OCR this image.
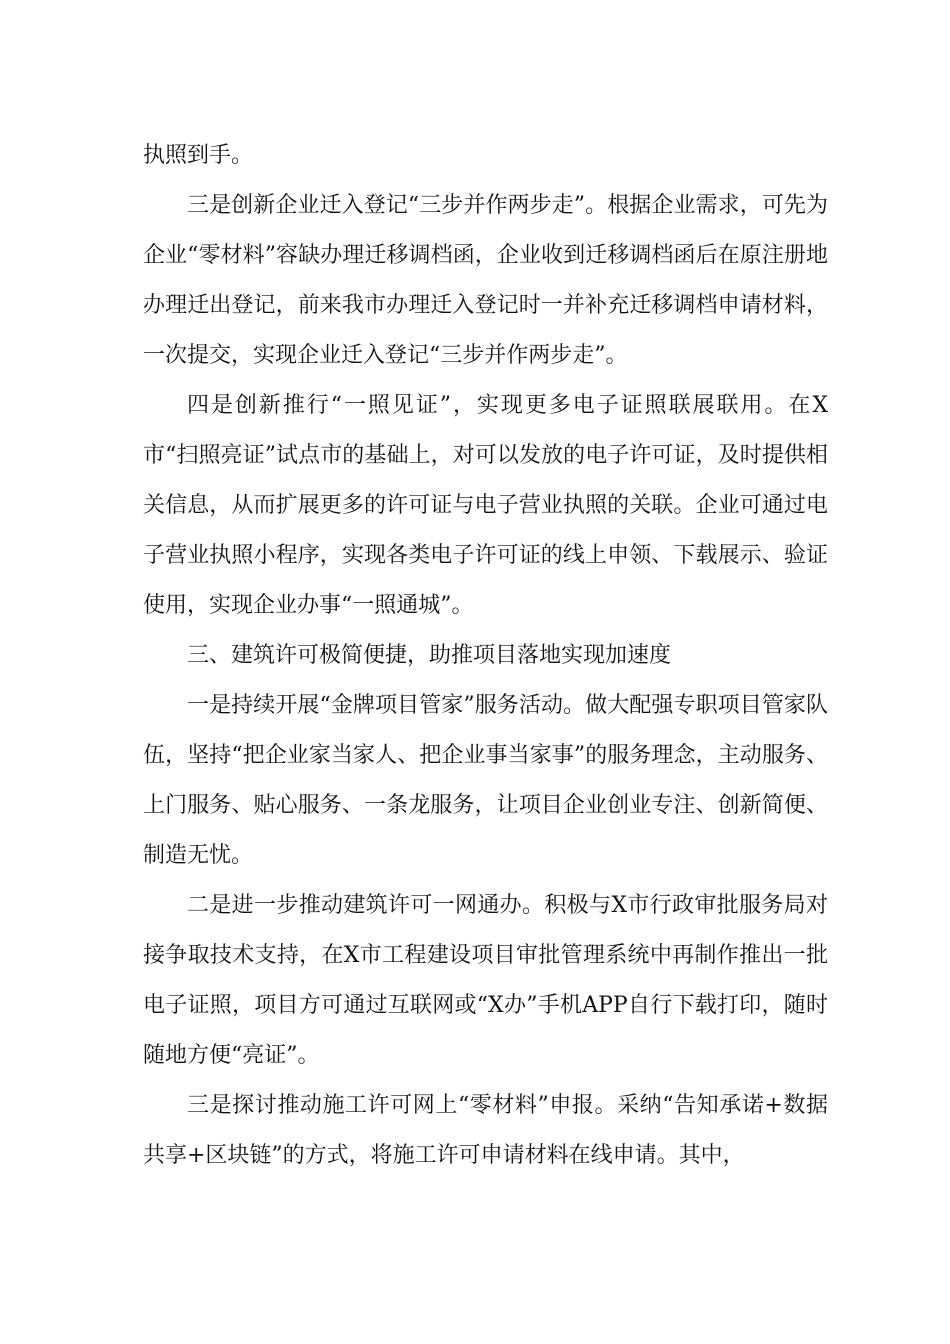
执照到手。

三是创新企业迁入登记“三步并作两步走”。根据企业需求，可先为企业“零材料”容缺办理迁移调档函，企业收到迁移调档函后在原注册地办理迁出登记，前来我市办理迁入登记时一并补充迁移调档申请材料，一次提交，实现企业迁入登记“三步并作两步走”。

四是创新推行“一照见证”，实现更多电子证照联展联用。在X市“扫照亮证”试点市的基础上，对可以发放的电子许可证，及时提供相关信息，从而扩展更多的许可证与电子营业执照的关联。企业可通过电子营业执照小程序，实现各类电子许可证的线上申领、下载展示、验证使用，实现企业办事“一照通城”。

三、建筑许可极简便捷，助推项目落地实现加速度

一是持续开展“金牌项目管家”服务活动。做大配强专职项目管家队伍，坚持“把企业家当家人、把企业事当家事”的服务理念，主动服务、上门服务、贴心服务、一条龙服务，让项目企业创业专注、创新简便、制造无忧。

二是进一步推动建筑许可一网通办。积极与X市行政审批服务局对接争取技术支持，在X市工程建设项目审批管理系统中再制作推出一批电子证照，项目方可通过互联网或“X办”手机APP自行下载打印，随时随地方便“亮证”。

三是探讨推动施工许可网上“零材料”申报。采纳“告知承诺+数据共享+区块链”的方式，将施工许可申请材料在线申请。其中，
